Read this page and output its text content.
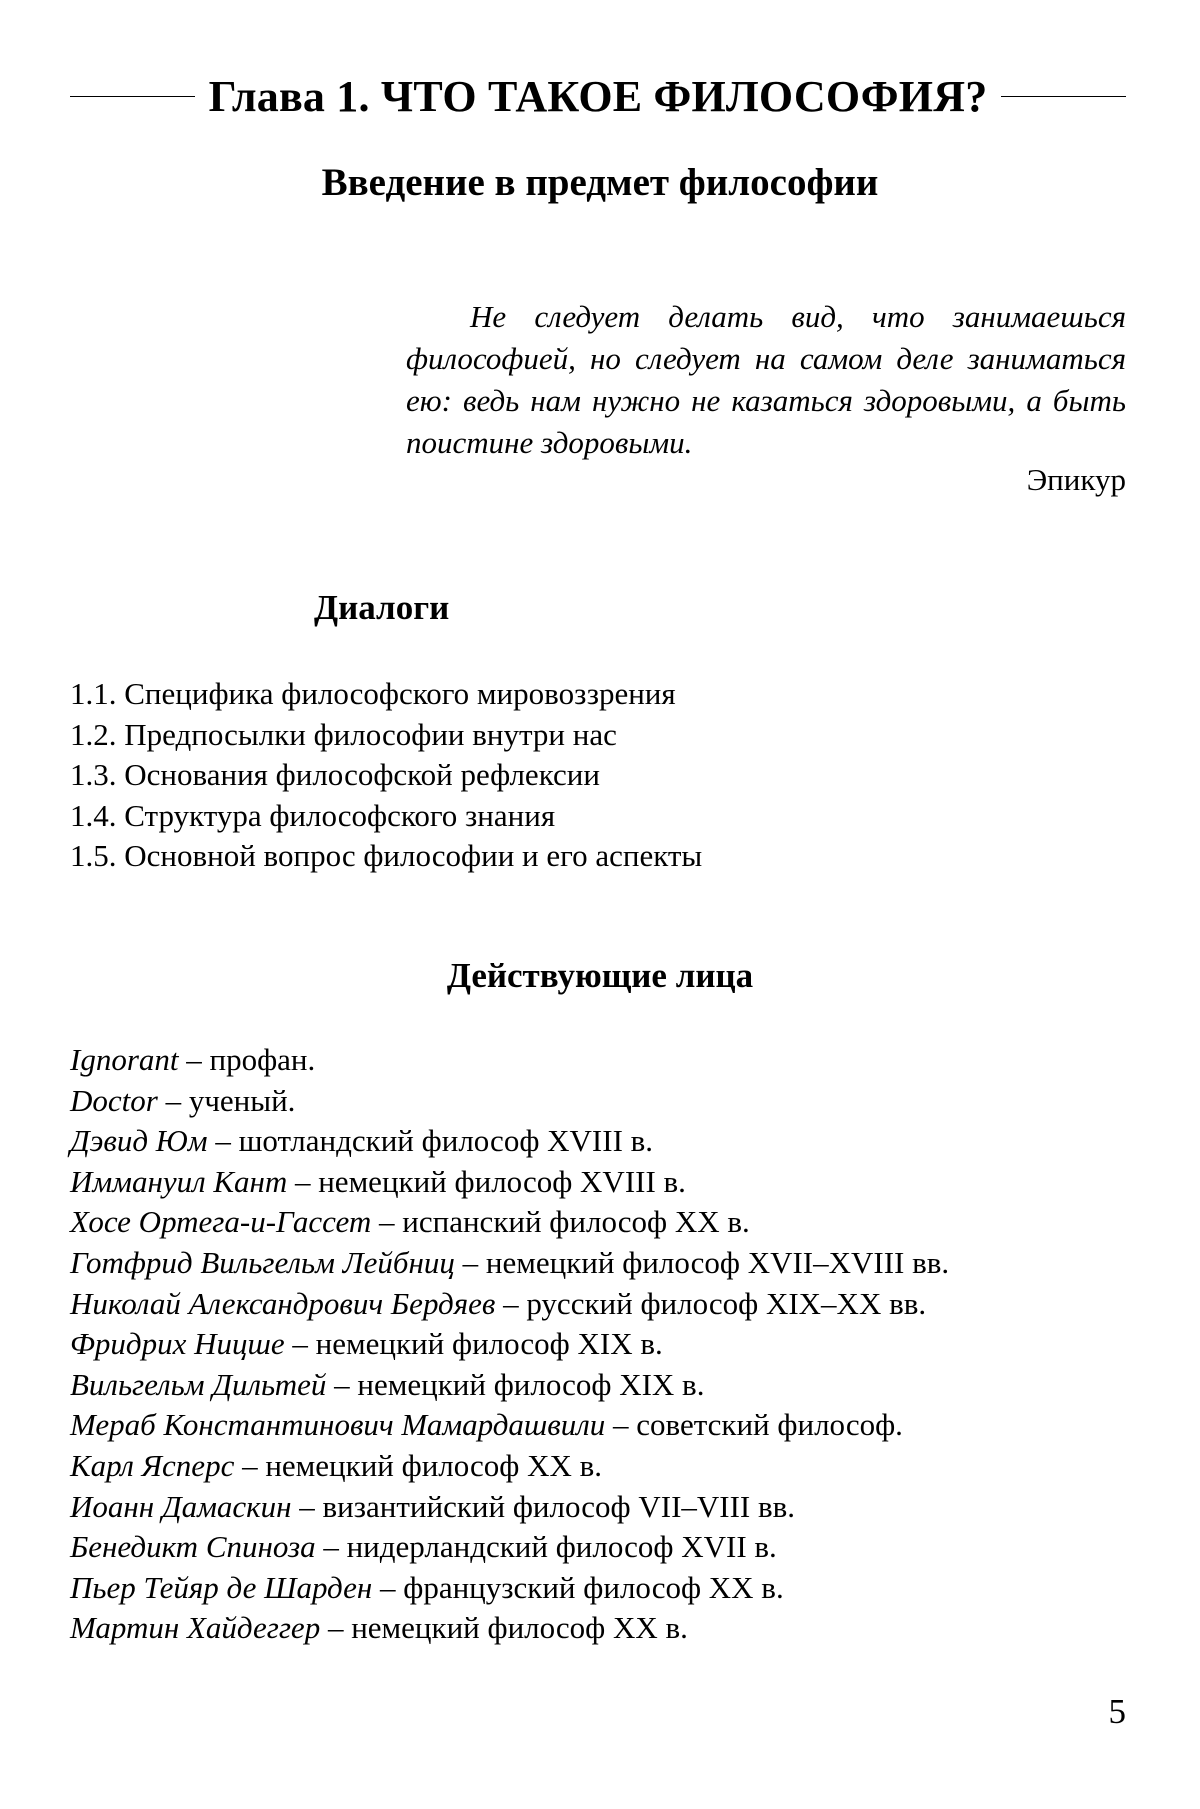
Глава 1. ЧТО ТАКОЕ ФИЛОСОФИЯ?
Введение в предмет философии
Не следует делать вид, что занимаешься философией, но следует на самом деле заниматься ею: ведь нам нужно не казаться здоровыми, а быть поистине здоровыми.
Эпикур
Диалоги
1.1. Специфика философского мировоззрения
1.2. Предпосылки философии внутри нас
1.3. Основания философской рефлексии
1.4. Структура философского знания
1.5. Основной вопрос философии и его аспекты
Действующие лица
Ignorant – профан.
Doctor – ученый.
Дэвид Юм – шотландский философ XVIII в.
Иммануил Кант – немецкий философ XVIII в.
Хосе Ортега-и-Гассет – испанский философ XX в.
Готфрид Вильгельм Лейбниц – немецкий философ XVII–XVIII вв.
Николай Александрович Бердяев – русский философ XIX–XX вв.
Фридрих Ницше – немецкий философ XIX в.
Вильгельм Дильтей – немецкий философ XIX в.
Мераб Константинович Мамардашвили – советский философ.
Карл Ясперс – немецкий философ XX в.
Иоанн Дамаскин – византийский философ VII–VIII вв.
Бенедикт Спиноза – нидерландский философ XVII в.
Пьер Тейяр де Шарден – французский философ XX в.
Мартин Хайдеггер – немецкий философ XX в.
5
